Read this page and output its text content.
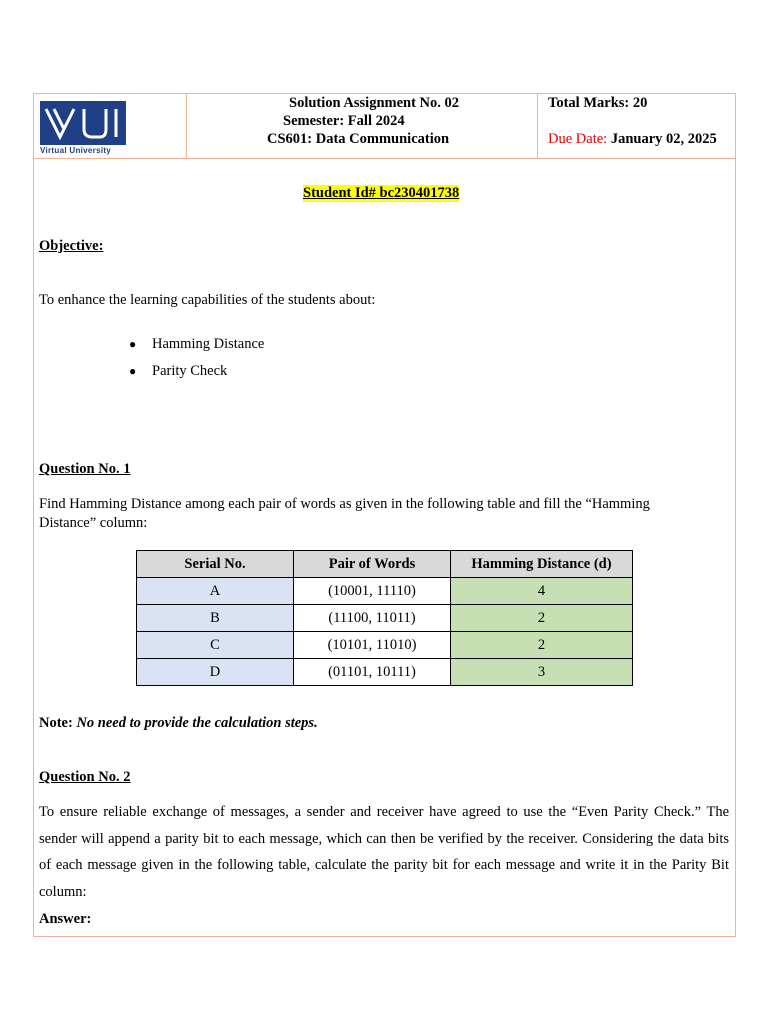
Virtual University
Solution Assignment No. 02
Semester: Fall 2024
CS601: Data Communication
Total Marks: 20
Due Date: January 02, 2025
Student Id# bc230401738
Objective:
To enhance the learning capabilities of the students about:
● Hamming Distance
● Parity Check
Question No. 1
Find Hamming Distance among each pair of words as given in the following table and fill the “Hamming
Distance” column:
Serial No.	Pair of Words	Hamming Distance (d)
A	(10001, 11110)	4
B	(11100, 11011)	2
C	(10101, 11010)	2
D	(01101, 10111)	3
Note: No need to provide the calculation steps.
Question No. 2
To ensure reliable exchange of messages, a sender and receiver have agreed to use the “Even Parity Check.” The sender will append a parity bit to each message, which can then be verified by the receiver. Considering the data bits of each message given in the following table, calculate the parity bit for each message and write it in the Parity Bit column:
Answer:
